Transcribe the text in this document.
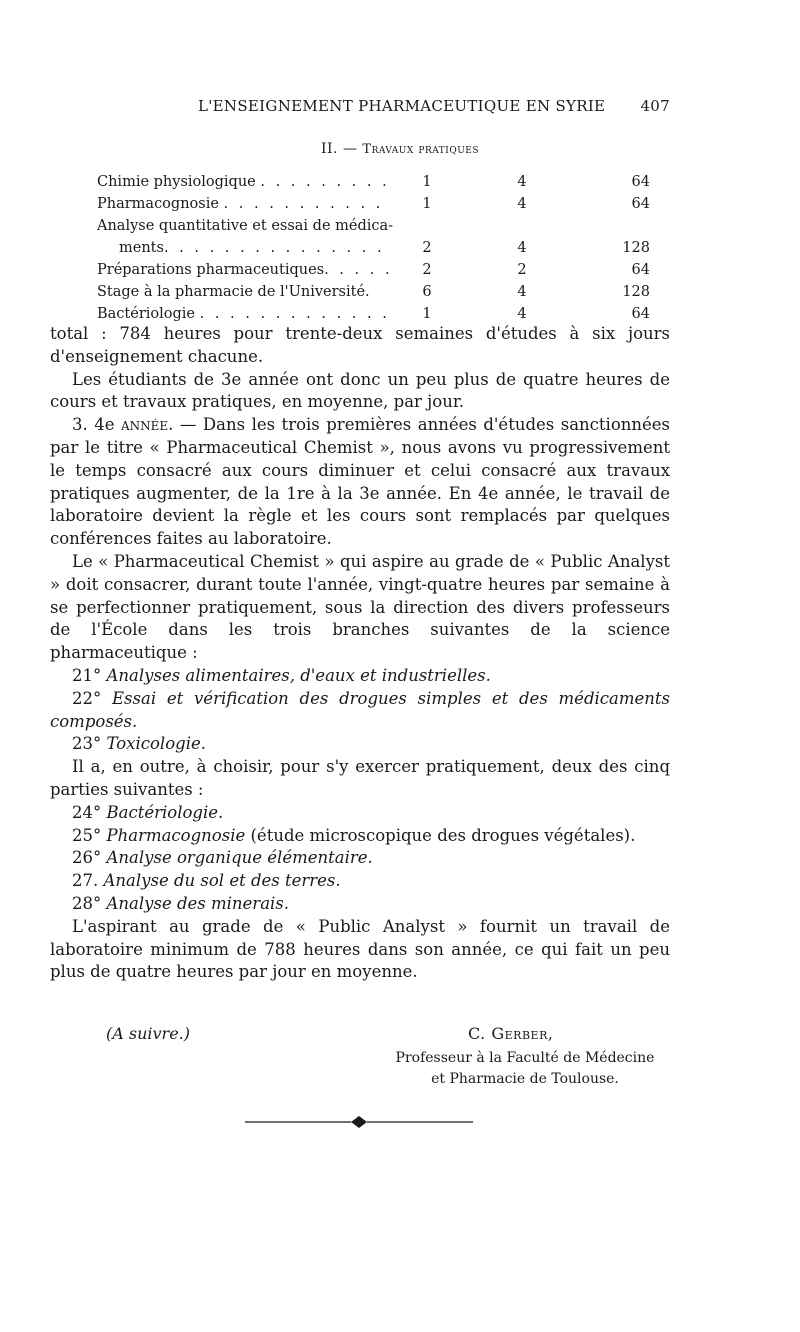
L'ENSEIGNEMENT PHARMACEUTIQUE EN SYRIE 407
II. — Travaux pratiques
Chimie physiologique . . . . . . . . .	1	4	64
Pharmacognosie . . . . . . . . . . .	1	4	64
Analyse quantitative et essai de médica-
ments. . . . . . . . . . . . . . .	2	4	128
Préparations pharmaceutiques. . . . .	2	2	64
Stage à la pharmacie de l'Université.	6	4	128
Bactériologie . . . . . . . . . . . . .	1	4	64

total : 784 heures pour trente-deux semaines d'études à six jours d'enseignement chacune.

Les étudiants de 3e année ont donc un peu plus de quatre heures de cours et travaux pratiques, en moyenne, par jour.

3. 4e année. — Dans les trois premières années d'études sanctionnées par le titre « Pharmaceutical Chemist », nous avons vu progressivement le temps consacré aux cours diminuer et celui consacré aux travaux pratiques augmenter, de la 1re à la 3e année. En 4e année, le travail de laboratoire devient la règle et les cours sont remplacés par quelques conférences faites au laboratoire.

Le « Pharmaceutical Chemist » qui aspire au grade de « Public Analyst » doit consacrer, durant toute l'année, vingt-quatre heures par semaine à se perfectionner pratiquement, sous la direction des divers professeurs de l'École dans les trois branches suivantes de la science pharmaceutique :

21° Analyses alimentaires, d'eaux et industrielles.

22° Essai et vérification des drogues simples et des médicaments composés.

23° Toxicologie.

Il a, en outre, à choisir, pour s'y exercer pratiquement, deux des cinq parties suivantes :

24° Bactériologie.

25° Pharmacognosie (étude microscopique des drogues végétales).

26° Analyse organique élémentaire.

27. Analyse du sol et des terres.

28° Analyse des minerais.

L'aspirant au grade de « Public Analyst » fournit un travail de laboratoire minimum de 788 heures dans son année, ce qui fait un peu plus de quatre heures par jour en moyenne.

(A suivre.)	C. Gerber,
Professeur à la Faculté de Médecine
et Pharmacie de Toulouse.
